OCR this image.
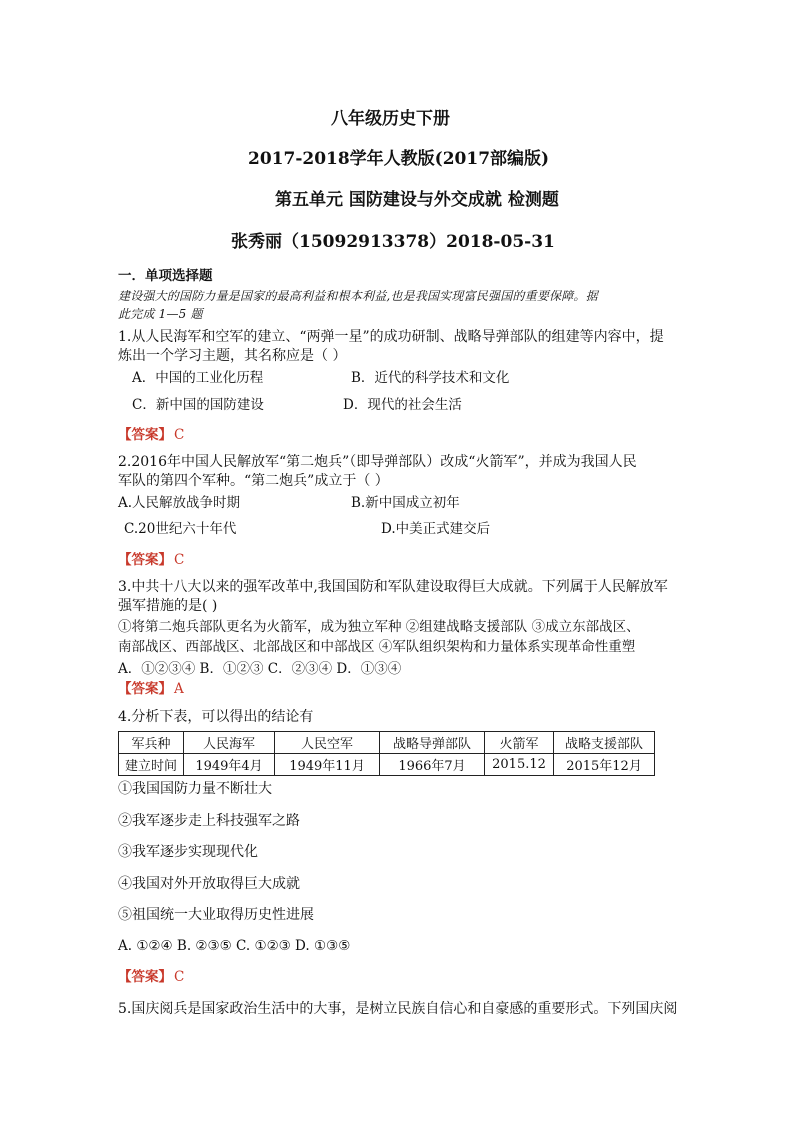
八年级历史下册
2017-2018学年人教版(2017部编版)
第五单元 国防建设与外交成就 检测题
张秀丽（15092913378）2018-05-31
一．单项选择题
建设强大的国防力量是国家的最高利益和根本利益,也是我国实现富民强国的重要保障。据
此完成 1—5 题
1.从人民海军和空军的建立、“两弹一星”的成功研制、战略导弹部队的组建等内容中，提
炼出一个学习主题，其名称应是（ ）
A．中国的工业化历程	B．近代的科学技术和文化
C．新中国的国防建设	D．现代的社会生活
【答案】 C
2.2016年中国人民解放军“第二炮兵”（即导弹部队）改成“火箭军”，并成为我国人民
军队的第四个军种。“第二炮兵”成立于（ ）
A.人民解放战争时期	B.新中国成立初年
C.20世纪六十年代	D.中美正式建交后
【答案】 C
3.中共十八大以来的强军改革中,我国国防和军队建设取得巨大成就。下列属于人民解放军
强军措施的是( )
①将第二炮兵部队更名为火箭军，成为独立军种 ②组建战略支援部队 ③成立东部战区、
南部战区、西部战区、北部战区和中部战区 ④军队组织架构和力量体系实现革命性重塑
A．①②③④ B．①②③ C．②③④ D．①③④
【答案】 A
4.分析下表，可以得出的结论有
军兵种	人民海军	人民空军	战略导弹部队	火箭军	战略支援部队
建立时间	1949年4月	1949年11月	1966年7月	2015.12	2015年12月
①我国国防力量不断壮大
②我军逐步走上科技强军之路
③我军逐步实现现代化
④我国对外开放取得巨大成就
⑤祖国统一大业取得历史性进展
A. ①②④ B. ②③⑤ C. ①②③ D. ①③⑤
【答案】 C
5.国庆阅兵是国家政治生活中的大事，是树立民族自信心和自豪感的重要形式。下列国庆阅
